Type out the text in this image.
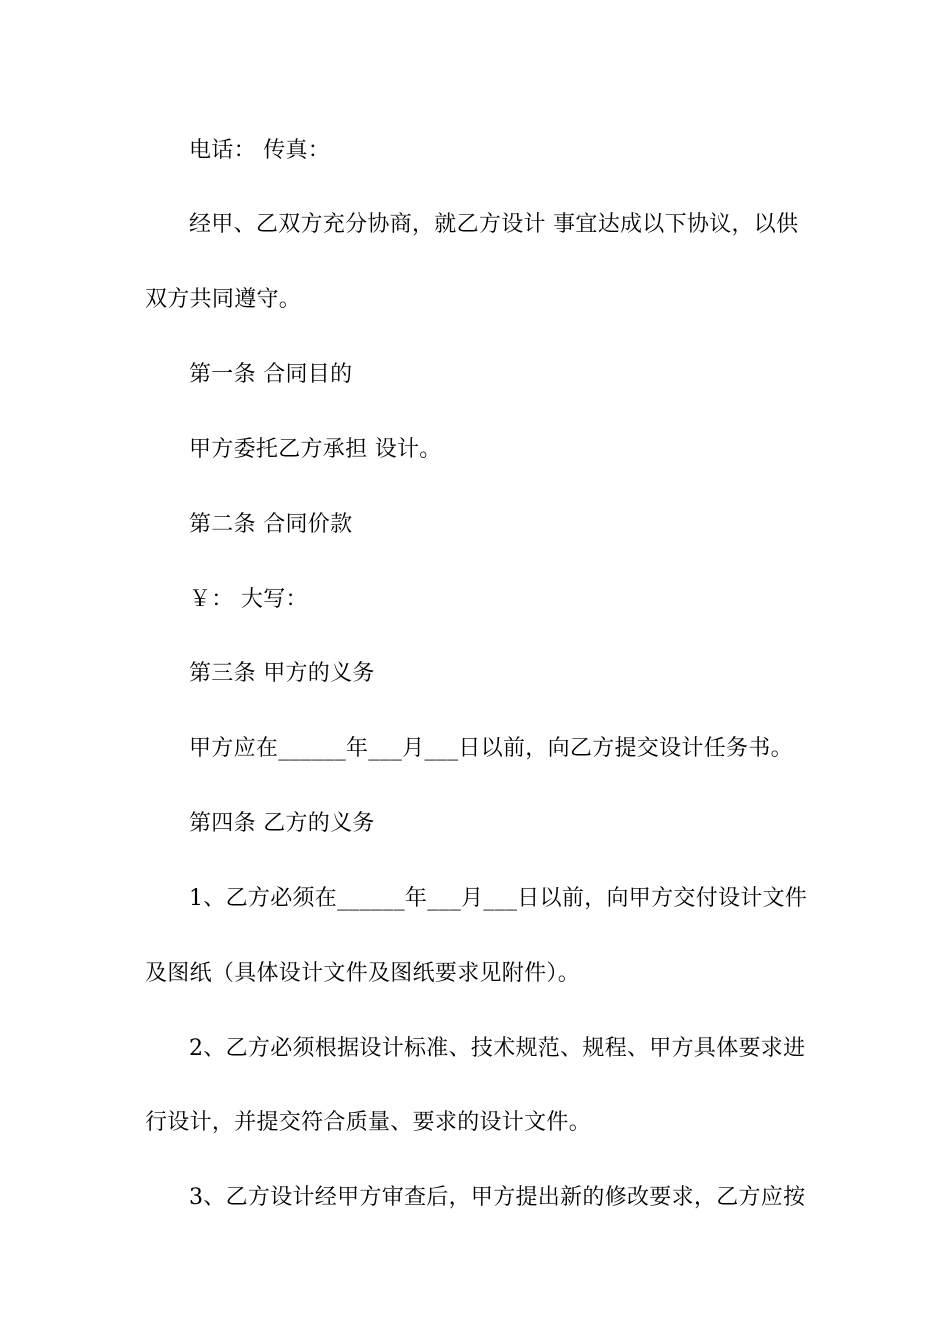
电话： 传真：
经甲、乙双方充分协商，就乙方设计 事宜达成以下协议，以供
双方共同遵守。
第一条 合同目的
甲方委托乙方承担 设计。
第二条 合同价款
￥： 大写：
第三条 甲方的义务
甲方应在______年___月___日以前，向乙方提交设计任务书。
第四条 乙方的义务
1、乙方必须在______年___月___日以前，向甲方交付设计文件
及图纸（具体设计文件及图纸要求见附件）。
2、乙方必须根据设计标准、技术规范、规程、甲方具体要求进
行设计，并提交符合质量、要求的设计文件。
3、乙方设计经甲方审查后，甲方提出新的修改要求，乙方应按
